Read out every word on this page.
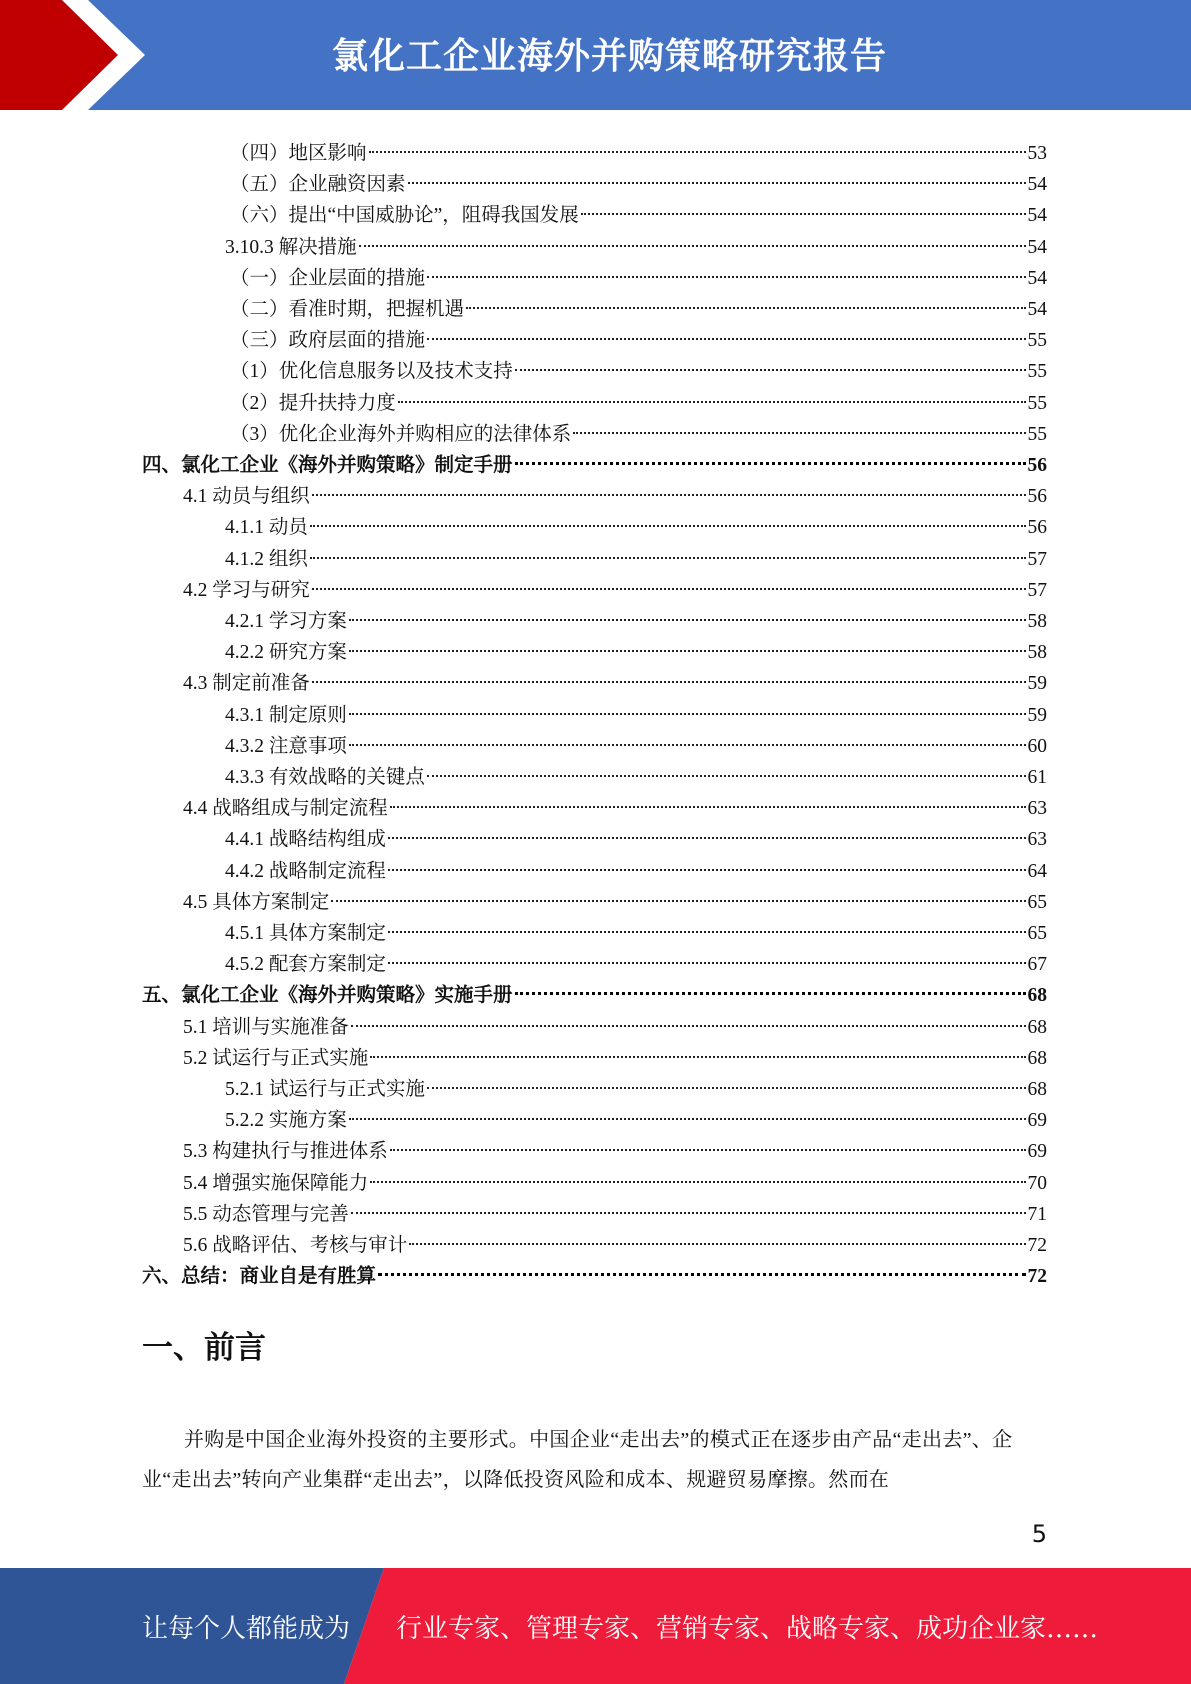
氯化工企业海外并购策略研究报告
（四）地区影响	53
（五）企业融资因素	54
（六）提出“中国威胁论”，阻碍我国发展	54
3.10.3 解决措施	54
（一）企业层面的措施	54
（二）看准时期，把握机遇	54
（三）政府层面的措施	55
（1）优化信息服务以及技术支持	55
（2）提升扶持力度	55
（3）优化企业海外并购相应的法律体系	55
四、氯化工企业《海外并购策略》制定手册	56
4.1 动员与组织	56
4.1.1 动员	56
4.1.2 组织	57
4.2 学习与研究	57
4.2.1 学习方案	58
4.2.2 研究方案	58
4.3 制定前准备	59
4.3.1 制定原则	59
4.3.2 注意事项	60
4.3.3 有效战略的关键点	61
4.4 战略组成与制定流程	63
4.4.1 战略结构组成	63
4.4.2 战略制定流程	64
4.5 具体方案制定	65
4.5.1 具体方案制定	65
4.5.2 配套方案制定	67
五、氯化工企业《海外并购策略》实施手册	68
5.1 培训与实施准备	68
5.2 试运行与正式实施	68
5.2.1 试运行与正式实施	68
5.2.2 实施方案	69
5.3 构建执行与推进体系	69
5.4 增强实施保障能力	70
5.5 动态管理与完善	71
5.6 战略评估、考核与审计	72
六、总结：商业自是有胜算	72
一、前言
并购是中国企业海外投资的主要形式。中国企业“走出去”的模式正在逐步由产品“走出去”、企业“走出去”转向产业集群“走出去”，以降低投资风险和成本、规避贸易摩擦。然而在
5
让每个人都能成为 行业专家、管理专家、营销专家、战略专家、成功企业家……
